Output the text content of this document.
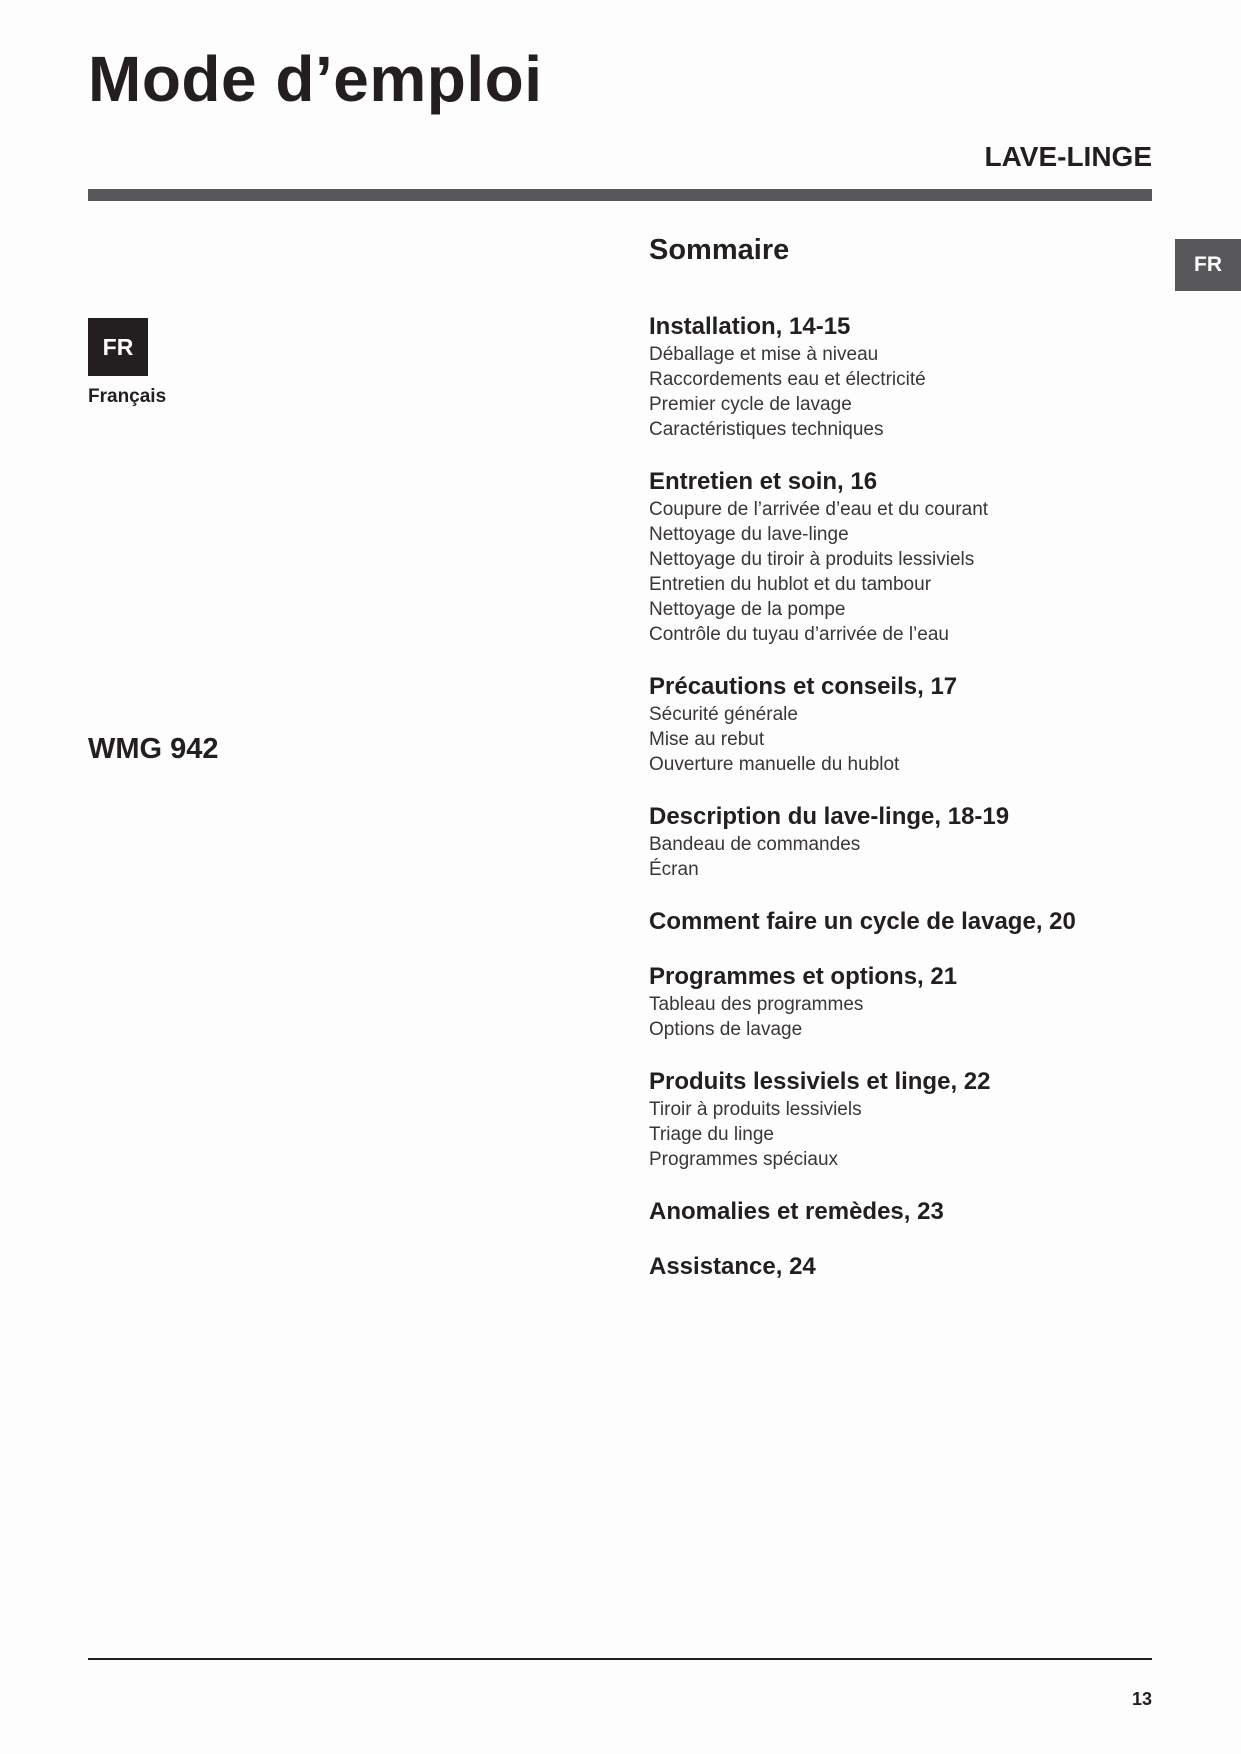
Mode d’emploi
LAVE-LINGE
FR
FR
Français
WMG 942
Sommaire
Installation, 14-15
Déballage et mise à niveau
Raccordements eau et électricité
Premier cycle de lavage
Caractéristiques techniques
Entretien et soin, 16
Coupure de l’arrivée d’eau et du courant
Nettoyage du lave-linge
Nettoyage du tiroir à produits lessiviels
Entretien du hublot et du tambour
Nettoyage de la pompe
Contrôle du tuyau d’arrivée de l’eau
Précautions et conseils, 17
Sécurité générale
Mise au rebut
Ouverture manuelle du hublot
Description du lave-linge, 18-19
Bandeau de commandes
Écran
Comment faire un cycle de lavage, 20
Programmes et options, 21
Tableau des programmes
Options de lavage
Produits lessiviels et linge, 22
Tiroir à produits lessiviels
Triage du linge
Programmes spéciaux
Anomalies et remèdes, 23
Assistance, 24
13
